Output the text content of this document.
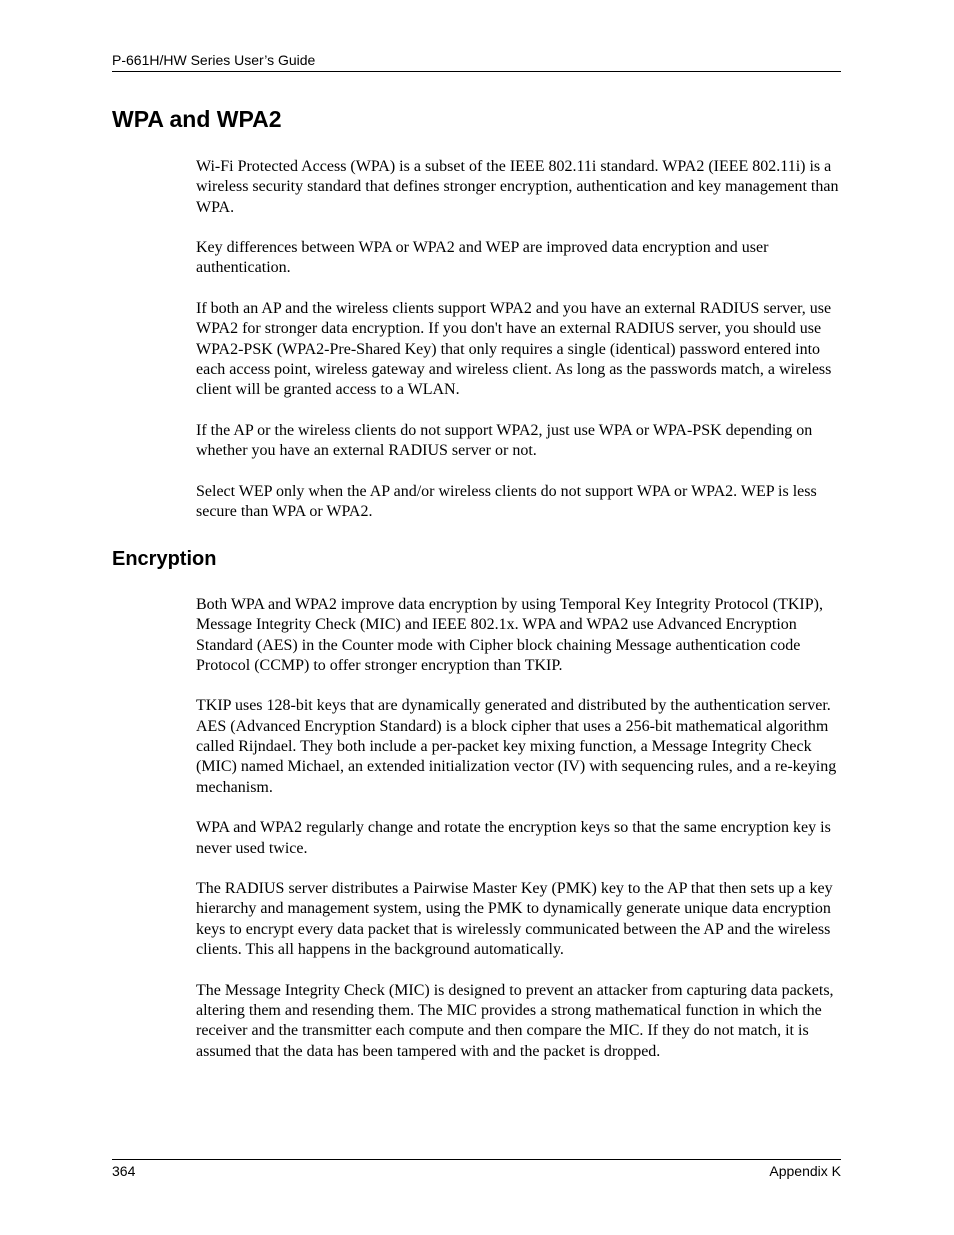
P-661H/HW Series User’s Guide
WPA and WPA2

Wi-Fi Protected Access (WPA) is a subset of the IEEE 802.11i standard. WPA2 (IEEE 802.11i) is a wireless security standard that defines stronger encryption, authentication and key management than WPA.

Key differences between WPA or WPA2 and WEP are improved data encryption and user authentication.

If both an AP and the wireless clients support WPA2 and you have an external RADIUS server, use WPA2 for stronger data encryption. If you don't have an external RADIUS server, you should use WPA2-PSK (WPA2-Pre-Shared Key) that only requires a single (identical) password entered into each access point, wireless gateway and wireless client. As long as the passwords match, a wireless client will be granted access to a WLAN.

If the AP or the wireless clients do not support WPA2, just use WPA or WPA-PSK depending on whether you have an external RADIUS server or not.

Select WEP only when the AP and/or wireless clients do not support WPA or WPA2. WEP is less secure than WPA or WPA2.

Encryption

Both WPA and WPA2 improve data encryption by using Temporal Key Integrity Protocol (TKIP), Message Integrity Check (MIC) and IEEE 802.1x. WPA and WPA2 use Advanced Encryption Standard (AES) in the Counter mode with Cipher block chaining Message authentication code Protocol (CCMP) to offer stronger encryption than TKIP.

TKIP uses 128-bit keys that are dynamically generated and distributed by the authentication server. AES (Advanced Encryption Standard) is a block cipher that uses a 256-bit mathematical algorithm called Rijndael. They both include a per-packet key mixing function, a Message Integrity Check (MIC) named Michael, an extended initialization vector (IV) with sequencing rules, and a re-keying mechanism.

WPA and WPA2 regularly change and rotate the encryption keys so that the same encryption key is never used twice.

The RADIUS server distributes a Pairwise Master Key (PMK) key to the AP that then sets up a key hierarchy and management system, using the PMK to dynamically generate unique data encryption keys to encrypt every data packet that is wirelessly communicated between the AP and the wireless clients. This all happens in the background automatically.

The Message Integrity Check (MIC) is designed to prevent an attacker from capturing data packets, altering them and resending them. The MIC provides a strong mathematical function in which the receiver and the transmitter each compute and then compare the MIC. If they do not match, it is assumed that the data has been tampered with and the packet is dropped.

364	Appendix K
